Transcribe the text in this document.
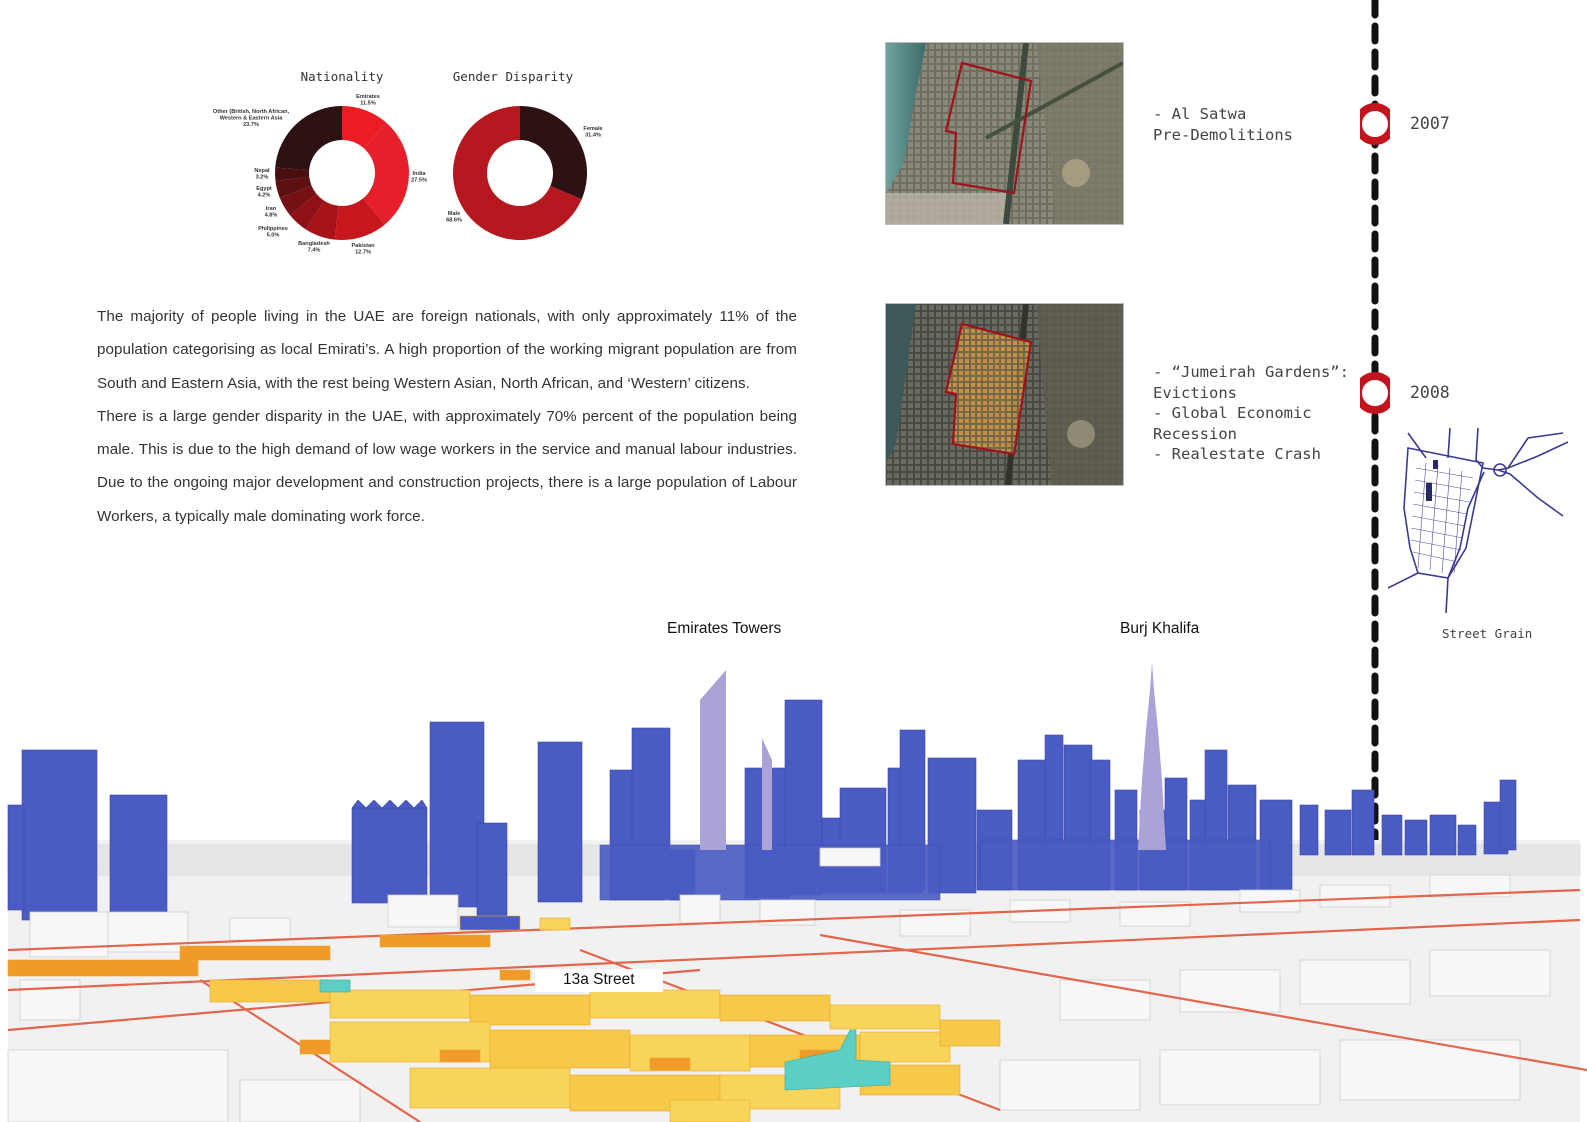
Nationality	Gender Disparity
Emirates
11.5%
India
27.5%
Pakistan
12.7%
Bangladesh
7.4%
Philippines
5.0%
Iran
4.8%
Egypt
4.2%
Nepal
3.2%
Other (British, North African, Western & Eastern Asia
23.7%
Female
31.4%
Male
68.6%

The majority of people living in the UAE are foreign nationals, with only approximately 11% of the population categorising as local Emirati’s. A high proportion of the working migrant population are from South and Eastern Asia, with the rest being Western Asian, North African, and ‘Western’ citizens.

There is a large gender disparity in the UAE, with approximately 70% percent of the population being male. This is due to the high demand of low wage workers in the service and manual labour industries. Due to the ongoing major development and construction projects, there is a large population of Labour Workers, a typically male dominating work force.

2007
2008
- Al Satwa
Pre-Demolitions
- “Jumeirah Gardens”:
Evictions
- Global Economic
Recession
- Realestate Crash
Street Grain
Emirates Towers	Burj Khalifa
13a Street
